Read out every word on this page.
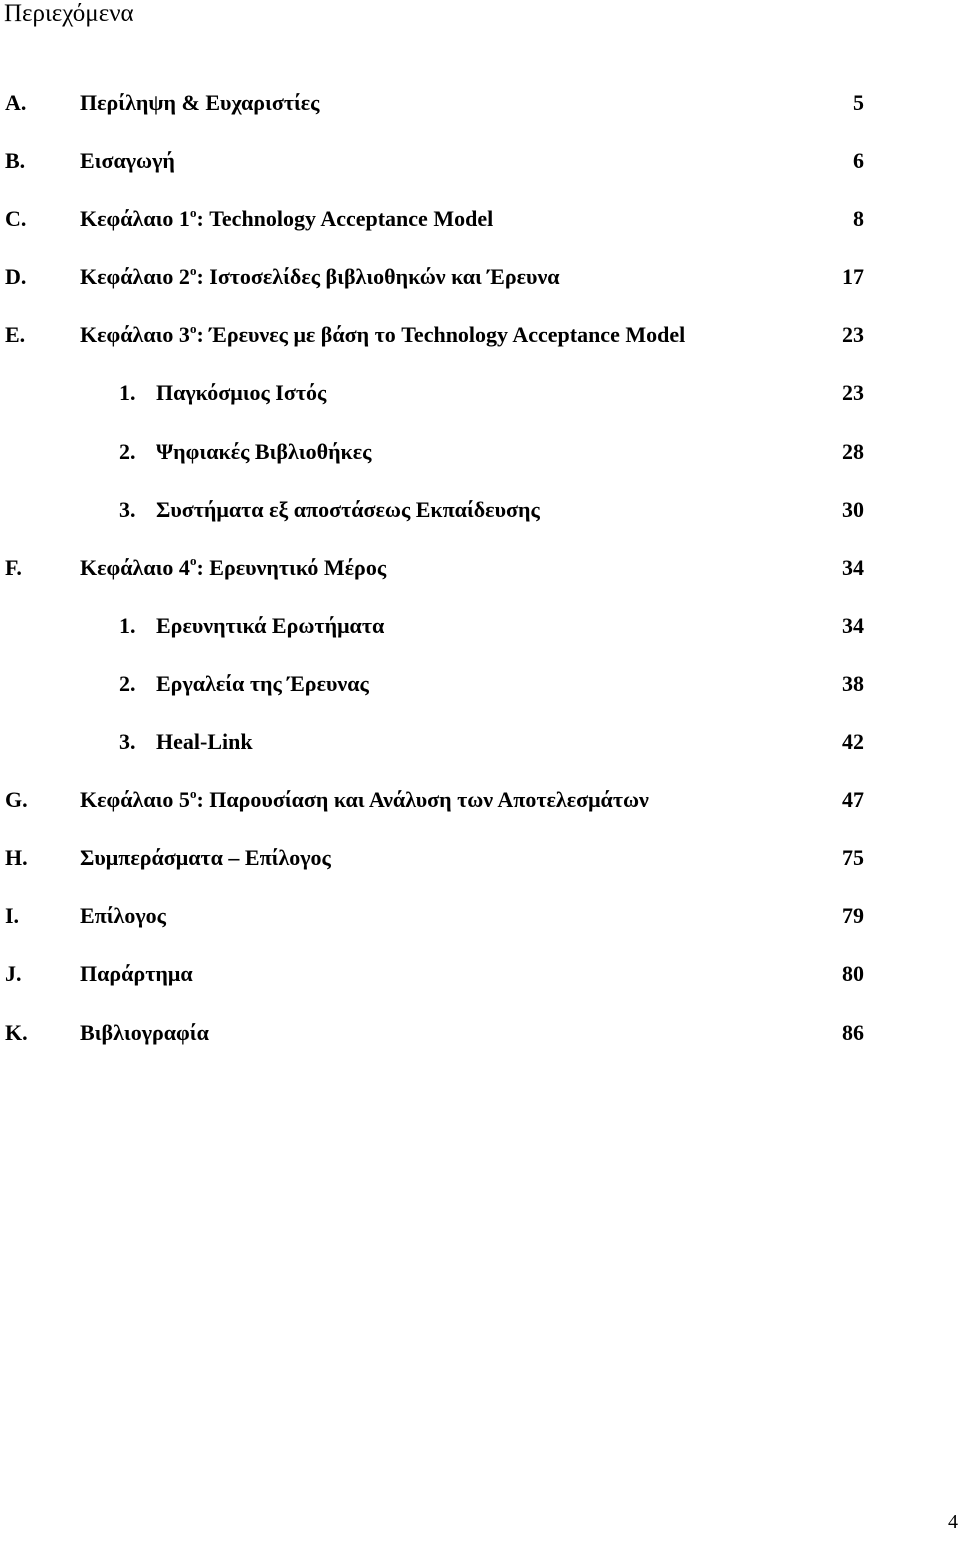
Περιεχόμενα
A. Περίληψη & Ευχαριστίες	5
B. Εισαγωγή	6
C. Κεφάλαιο $1^o$: Technology Acceptance Model	8
D. Κεφάλαιο $2^o$: Ιστοσελίδες βιβλιοθηκών και Έρευνα	17
E. Κεφάλαιο $3^o$: Έρευνες με βάση το Technology Acceptance Model	23
1. Παγκόσμιος Ιστός	23
2. Ψηφιακές Βιβλιοθήκες	28
3. Συστήματα εξ αποστάσεως Εκπαίδευσης	30
F.	Κεφάλαιο $4^o$: Ερευνητικό Μέρος	34
1. Ερευνητικά Ερωτήματα	34
2. Εργαλεία της Έρευνας	38
3. Heal-Link	42
G. Κεφάλαιο $5^o$: Παρουσίαση και Ανάλυση των Αποτελεσμάτων	47
H. Συμπεράσματα – Επίλογος	75
I.	Επίλογος	79
J.	Παράρτημα	80
K. Βιβλιογραφία	86
4
